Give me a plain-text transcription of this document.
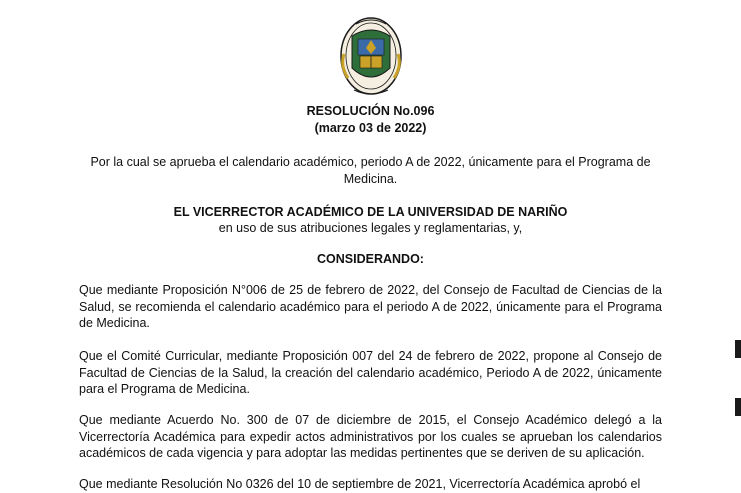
RESOLUCIÓN No.096
(marzo 03 de 2022)
Por la cual se aprueba el calendario académico, periodo A de 2022, únicamente para el Programa de
Medicina.
EL VICERRECTOR ACADÉMICO DE LA UNIVERSIDAD DE NARIÑO
en uso de sus atribuciones legales y reglamentarias, y,
CONSIDERANDO:

Que mediante Proposición N°006 de 25 de febrero de 2022, del Consejo de Facultad de Ciencias de la Salud, se recomienda el calendario académico para el periodo A de 2022, únicamente para el Programa de Medicina.

Que el Comité Curricular, mediante Proposición 007 del 24 de febrero de 2022, propone al Consejo de Facultad de Ciencias de la Salud, la creación del calendario académico, Periodo A de 2022, únicamente para el Programa de Medicina.

Que mediante Acuerdo No. 300 de 07 de diciembre de 2015, el Consejo Académico delegó a la Vicerrectoría Académica para expedir actos administrativos por los cuales se aprueban los calendarios académicos de cada vigencia y para adoptar las medidas pertinentes que se deriven de su aplicación.

Que mediante Resolución No 0326 del 10 de septiembre de 2021, Vicerrectoría Académica aprobó el
